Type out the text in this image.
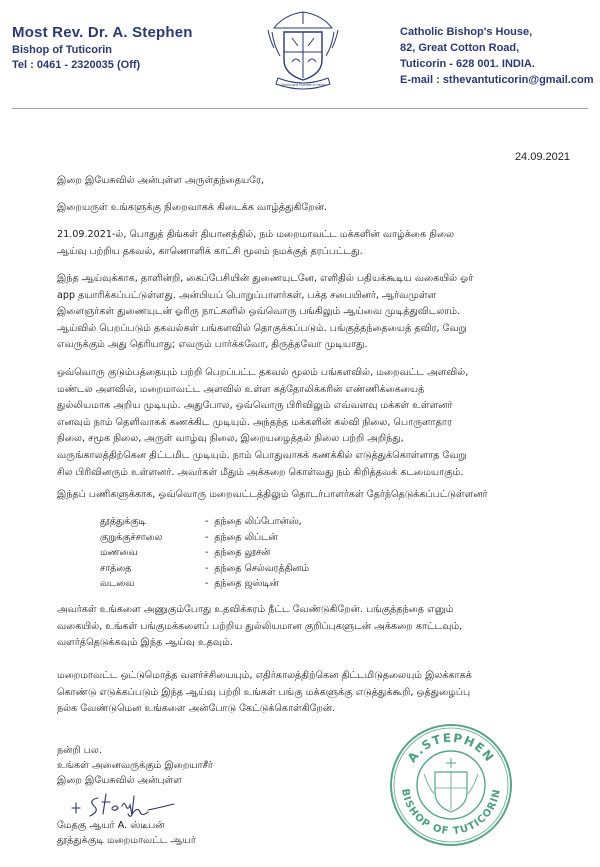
Most Rev. Dr. A. Stephen
Bishop of Tuticorin
Tel : 0461 - 2320035 (Off)
Gentle and Humble in Heart
Catholic Bishop's House,
82, Great Cotton Road,
Tuticorin - 628 001. INDIA.
E-mail : sthevantuticorin@gmail.com
24.09.2021
இறை இயேசுவில் அன்புள்ள அருள்தந்தையரே,
இறையருள் உங்களுக்கு நிறைவாகக் கிடைக்க வாழ்த்துகிறேன்.
21.09.2021-ல், பொதுத் திங்கள் தியானத்தில், நம் மறைமாவட்ட மக்களின் வாழ்க்கை நிலை
ஆய்வு பற்றிய தகவல், காணொளிக் காட்சி மூலம் நமக்குத் தரப்பட்டது.
இந்த ஆய்வுக்காக, தாளின்றி, கைப்பேசியின் துணையுடனே, எளிதில் பதியக்கூடிய வகையில் ஓர்
app தயாரிக்கப்பட்டுள்ளது. அன்பியப் பொறுப்பாளர்கள், பக்த சபையினர், ஆர்வமுள்ள
இளைஞர்கள் துணையுடன் ஓரிரு நாட்களில் ஒவ்வொரு பங்கிலும் ஆய்வை முடித்துவிடலாம்.
ஆய்வில் பெறப்படும் தகவல்கள் பங்களவில் தொகுக்கப்படும். பங்குத்தந்தையைத் தவிர, வேறு
எவருக்கும் அது தெரியாது; எவரும் பார்க்கவோ, திருத்தவோ முடியாது.
ஒவ்வொரு குடும்பத்தையும் பற்றி பெறப்பட்ட தகவல் மூலம் பங்களவில், மறைவட்ட அளவில்,
மண்டல அளவில், மறைமாவட்ட அளவில் உள்ள கத்தோலிக்கரின் எண்ணிக்கையைத்
துல்லியமாக அறிய முடியும். அதுபோல, ஒவ்வொரு பிரிவிலும் எவ்வளவு மக்கள் உள்ளனர்
எனவும் நாம் தெளிவாகக் கணக்கிட முடியும். அந்தந்த மக்களின் கல்வி நிலை, பொருளாதார
நிலை, சமூக நிலை, அருள் வாழ்வு நிலை, இறையழைத்தல் நிலை பற்றி அறிந்து,
வருங்காலத்திற்கென திட்டமிட முடியும். நாம் பொதுவாகக் கணக்கில் எடுத்துக்கொள்ளாத வேறு
சில பிரிவினரும் உள்ளனர். அவர்கள் மீதும் அக்கறை கொள்வது நம் கிறித்தவக் கடமையாகும்.
இந்தப் பணிகளுக்காக, ஒவ்வொரு மறைவட்டத்திலும் தொடர்பாளர்கள் தேர்ந்தெடுக்கப்பட்டுள்ளனர்
தூத்துக்குடி	- தந்தை லிப்போன்ஸ்,
குறுக்குச்சாலை	- தந்தை லிப்டன்
மணவை	- தந்தை லூசன்
சாத்தை	- தந்தை செல்வரத்தினம்
வடவை	- தந்தை ஜஸ்டின்
அவர்கள் உங்களை அணுகும்போது உதவிக்கரம் நீட்ட வேண்டுகிறேன். பங்குத்தந்தை எனும்
வகையில், உங்கள் பங்குமக்களைப் பற்றிய துல்லியமான குறிப்புகளுடன் அக்கறை காட்டவும்,
வளர்த்தெடுக்கவும் இந்த ஆய்வு உதவும்.
மறைமாவட்ட ஒட்டுமொத்த வளர்ச்சியையும், எதிர்காலத்திற்கென திட்டமிடுதலையும் இலக்காகக்
கொண்டு எடுக்கப்படும் இந்த ஆய்வு பற்றி உங்கள் பங்கு மக்களுக்கு எடுத்துக்கூறி, ஒத்துழைப்பு
நல்க வேண்டுமென உங்களை அன்போடு கேட்டுக்கொள்கிறேன்.
நன்றி பல.
உங்கள் அனைவருக்கும் இறையாசீர்
இறை இயேசுவில் அன்புள்ள
மேதகு ஆயர் A. ஸ்டீபன்
தூத்துக்குடி மறைமாவட்ட ஆயர்
A.STEPHEN
BISHOP OF TUTICORIN
